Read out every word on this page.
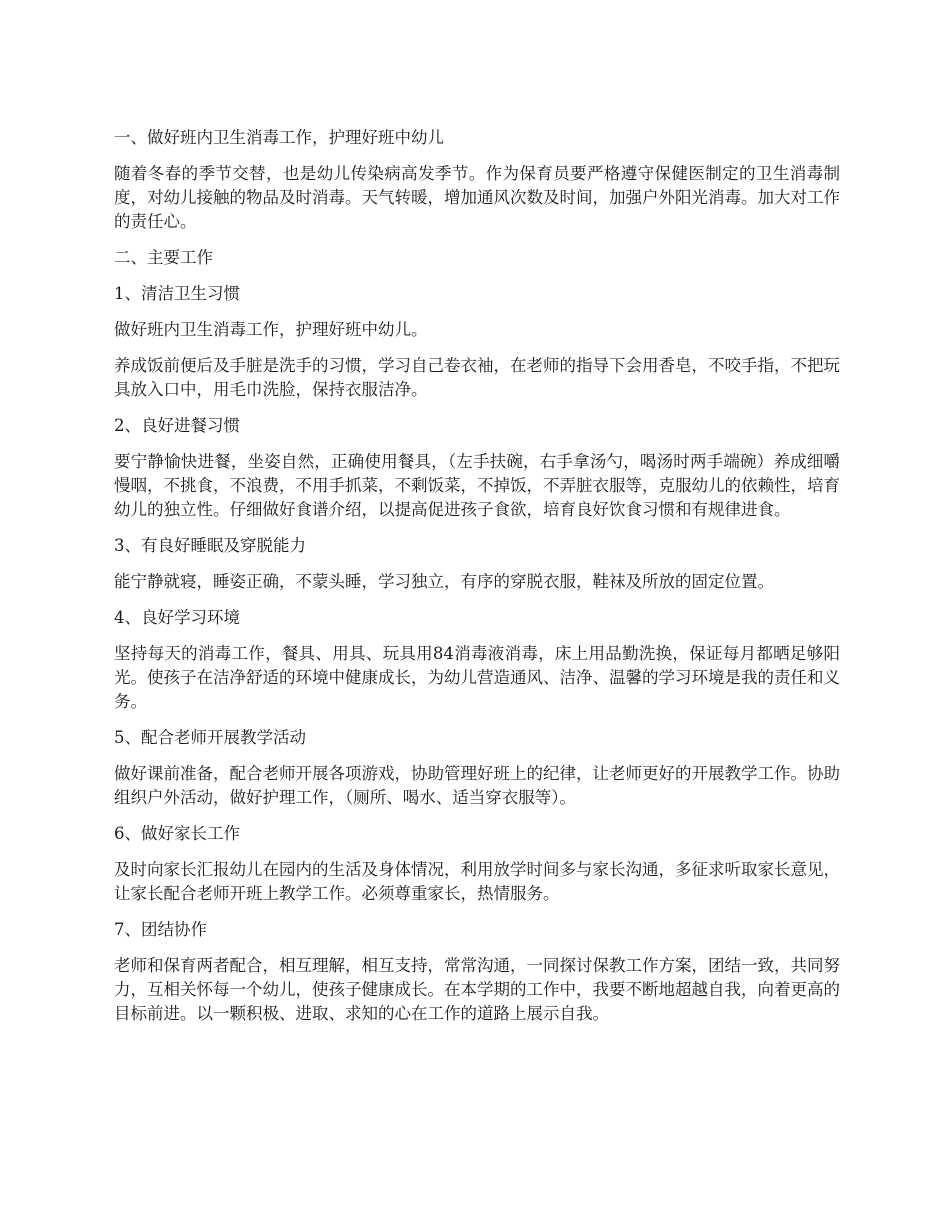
一、做好班内卫生消毒工作，护理好班中幼儿

随着冬春的季节交替，也是幼儿传染病高发季节。作为保育员要严格遵守保健医制定的卫生消毒制度，对幼儿接触的物品及时消毒。天气转暖，增加通风次数及时间，加强户外阳光消毒。加大对工作的责任心。

二、主要工作

1、清洁卫生习惯

做好班内卫生消毒工作，护理好班中幼儿。

养成饭前便后及手脏是洗手的习惯，学习自己卷衣袖，在老师的指导下会用香皂，不咬手指，不把玩具放入口中，用毛巾洗脸，保持衣服洁净。

2、良好进餐习惯

要宁静愉快进餐，坐姿自然，正确使用餐具，（左手扶碗，右手拿汤勺，喝汤时两手端碗）养成细嚼慢咽，不挑食，不浪费，不用手抓菜，不剩饭菜，不掉饭，不弄脏衣服等，克服幼儿的依赖性，培育幼儿的独立性。仔细做好食谱介绍，以提高促进孩子食欲，培育良好饮食习惯和有规律进食。

3、有良好睡眠及穿脱能力

能宁静就寝，睡姿正确，不蒙头睡，学习独立，有序的穿脱衣服，鞋袜及所放的固定位置。

4、良好学习环境

坚持每天的消毒工作，餐具、用具、玩具用84消毒液消毒，床上用品勤洗换，保证每月都晒足够阳光。使孩子在洁净舒适的环境中健康成长，为幼儿营造通风、洁净、温馨的学习环境是我的责任和义务。

5、配合老师开展教学活动

做好课前准备，配合老师开展各项游戏，协助管理好班上的纪律，让老师更好的开展教学工作。协助组织户外活动，做好护理工作，（厕所、喝水、适当穿衣服等）。

6、做好家长工作

及时向家长汇报幼儿在园内的生活及身体情况，利用放学时间多与家长沟通，多征求听取家长意见，让家长配合老师开班上教学工作。必须尊重家长，热情服务。

7、团结协作

老师和保育两者配合，相互理解，相互支持，常常沟通，一同探讨保教工作方案，团结一致，共同努力，互相关怀每一个幼儿，使孩子健康成长。在本学期的工作中，我要不断地超越自我，向着更高的目标前进。以一颗积极、进取、求知的心在工作的道路上展示自我。
